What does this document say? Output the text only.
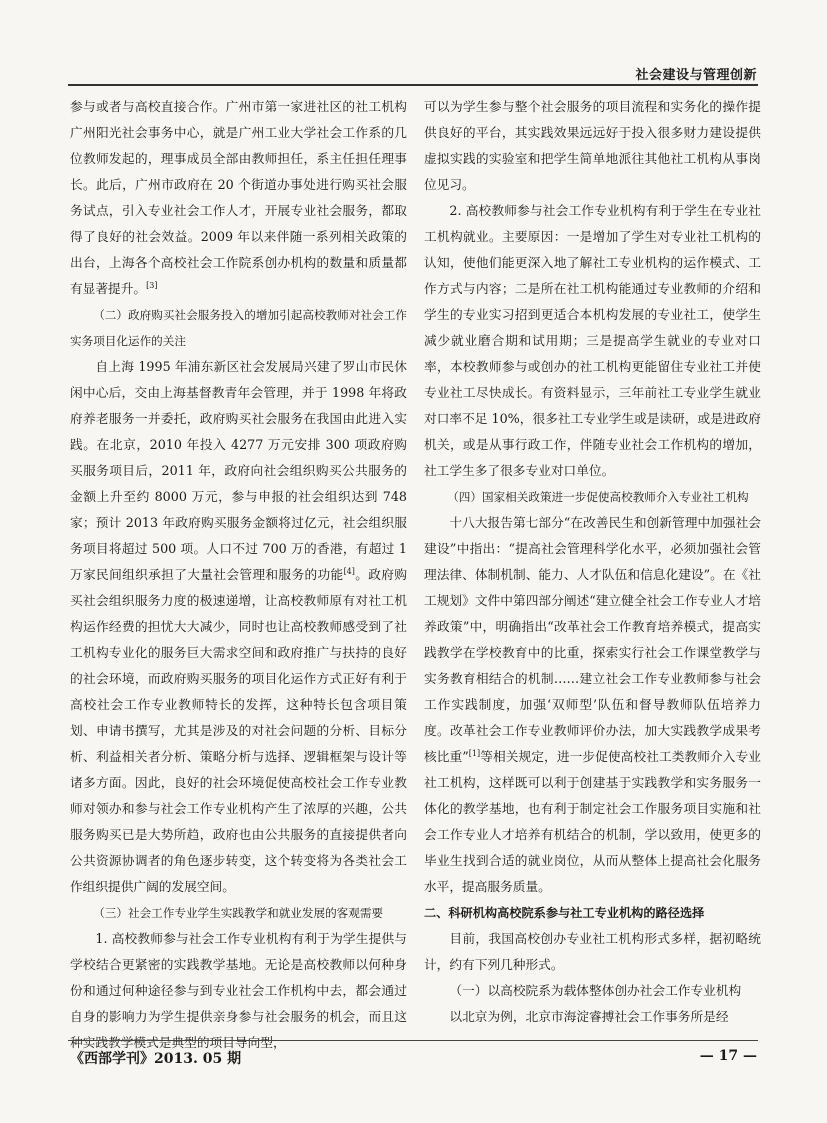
社会建设与管理创新

参与或者与高校直接合作。广州市第一家进社区的社工机构广州阳光社会事务中心，就是广州工业大学社会工作系的几位教师发起的，理事成员全部由教师担任，系主任担任理事长。此后，广州市政府在 20 个街道办事处进行购买社会服务试点，引入专业社会工作人才，开展专业社会服务，都取得了良好的社会效益。2009 年以来伴随一系列相关政策的出台，上海各个高校社会工作院系创办机构的数量和质量都有显著提升。[3]

（二）政府购买社会服务投入的增加引起高校教师对社会工作实务项目化运作的关注

自上海 1995 年浦东新区社会发展局兴建了罗山市民休闲中心后，交由上海基督教青年会管理，并于 1998 年将政府养老服务一并委托，政府购买社会服务在我国由此进入实践。在北京，2010 年投入 4277 万元安排 300 项政府购买服务项目后，2011 年，政府向社会组织购买公共服务的金额上升至约 8000 万元，参与申报的社会组织达到 748 家；预计 2013 年政府购买服务金额将过亿元，社会组织服务项目将超过 500 项。人口不过 700 万的香港，有超过 1 万家民间组织承担了大量社会管理和服务的功能[4]。政府购买社会组织服务力度的极速递增，让高校教师原有对社工机构运作经费的担忧大大减少，同时也让高校教师感受到了社工机构专业化的服务巨大需求空间和政府推广与扶持的良好的社会环境，而政府购买服务的项目化运作方式正好有利于高校社会工作专业教师特长的发挥，这种特长包含项目策划、申请书撰写，尤其是涉及的对社会问题的分析、目标分析、利益相关者分析、策略分析与选择、逻辑框架与设计等诸多方面。因此，良好的社会环境促使高校社会工作专业教师对领办和参与社会工作专业机构产生了浓厚的兴趣，公共服务购买已是大势所趋，政府也由公共服务的直接提供者向公共资源协调者的角色逐步转变，这个转变将为各类社会工作组织提供广阔的发展空间。

（三）社会工作专业学生实践教学和就业发展的客观需要

1. 高校教师参与社会工作专业机构有利于为学生提供与学校结合更紧密的实践教学基地。无论是高校教师以何种身份和通过何种途径参与到专业社会工作机构中去，都会通过自身的影响力为学生提供亲身参与社会服务的机会，而且这种实践教学模式是典型的项目导向型，

可以为学生参与整个社会服务的项目流程和实务化的操作提供良好的平台，其实践效果远远好于投入很多财力建设提供虚拟实践的实验室和把学生简单地派往其他社工机构从事岗位见习。

2. 高校教师参与社会工作专业机构有利于学生在专业社工机构就业。主要原因：一是增加了学生对专业社工机构的认知，使他们能更深入地了解社工专业机构的运作模式、工作方式与内容；二是所在社工机构能通过专业教师的介绍和学生的专业实习招到更适合本机构发展的专业社工，使学生减少就业磨合期和试用期；三是提高学生就业的专业对口率，本校教师参与或创办的社工机构更能留住专业社工并使专业社工尽快成长。有资料显示，三年前社工专业学生就业对口率不足 10%，很多社工专业学生或是读研，或是进政府机关，或是从事行政工作，伴随专业社会工作机构的增加，社工学生多了很多专业对口单位。

（四）国家相关政策进一步促使高校教师介入专业社工机构

十八大报告第七部分“在改善民生和创新管理中加强社会建设”中指出：“提高社会管理科学化水平，必须加强社会管理法律、体制机制、能力、人才队伍和信息化建设”。在《社工规划》文件中第四部分阐述“建立健全社会工作专业人才培养政策”中，明确指出“改革社会工作教育培养模式，提高实践教学在学校教育中的比重，探索实行社会工作课堂教学与实务教育相结合的机制……建立社会工作专业教师参与社会工作实践制度，加强‘双师型’队伍和督导教师队伍培养力度。改革社会工作专业教师评价办法，加大实践教学成果考核比重”[1]等相关规定，进一步促使高校社工类教师介入专业社工机构，这样既可以利于创建基于实践教学和实务服务一体化的教学基地，也有利于制定社会工作服务项目实施和社会工作专业人才培养有机结合的机制，学以致用，使更多的毕业生找到合适的就业岗位，从而从整体上提高社会化服务水平，提高服务质量。

二、科研机构高校院系参与社工专业机构的路径选择

目前，我国高校创办专业社工机构形式多样，据初略统计，约有下列几种形式。

（一）以高校院系为载体整体创办社会工作专业机构

以北京为例，北京市海淀睿搏社会工作事务所是经

《西部学刊》2013. 05 期	— 17 —
